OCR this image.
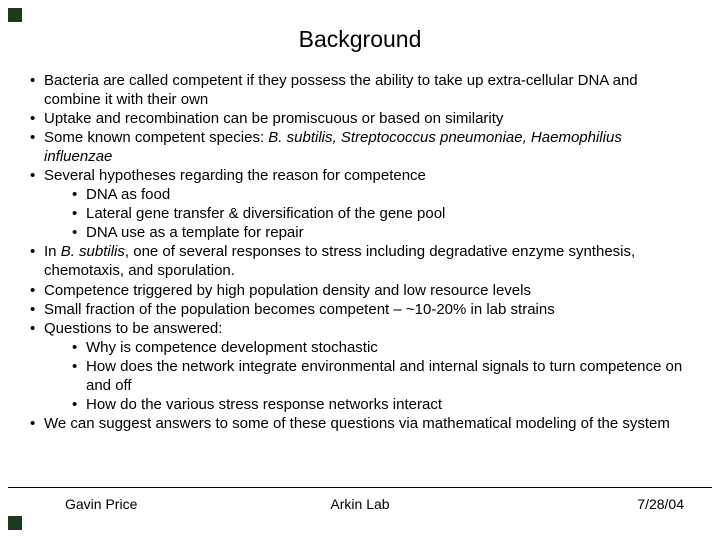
Background
• Bacteria are called competent if they possess the ability to take up extra-cellular DNA and combine it with their own
• Uptake and recombination can be promiscuous or based on similarity
• Some known competent species: B. subtilis, Streptococcus pneumoniae, Haemophilius influenzae
• Several hypotheses regarding the reason for competence
• DNA as food
• Lateral gene transfer & diversification of the gene pool
• DNA use as a template for repair
• In B. subtilis, one of several responses to stress including degradative enzyme synthesis, chemotaxis, and sporulation.
• Competence triggered by high population density and low resource levels
• Small fraction of the population becomes competent – ~10-20% in lab strains
• Questions to be answered:
• Why is competence development stochastic
• How does the network integrate environmental and internal signals to turn competence on and off
• How do the various stress response networks interact
• We can suggest answers to some of these questions via mathematical modeling of the system
Gavin Price	Arkin Lab	7/28/04
